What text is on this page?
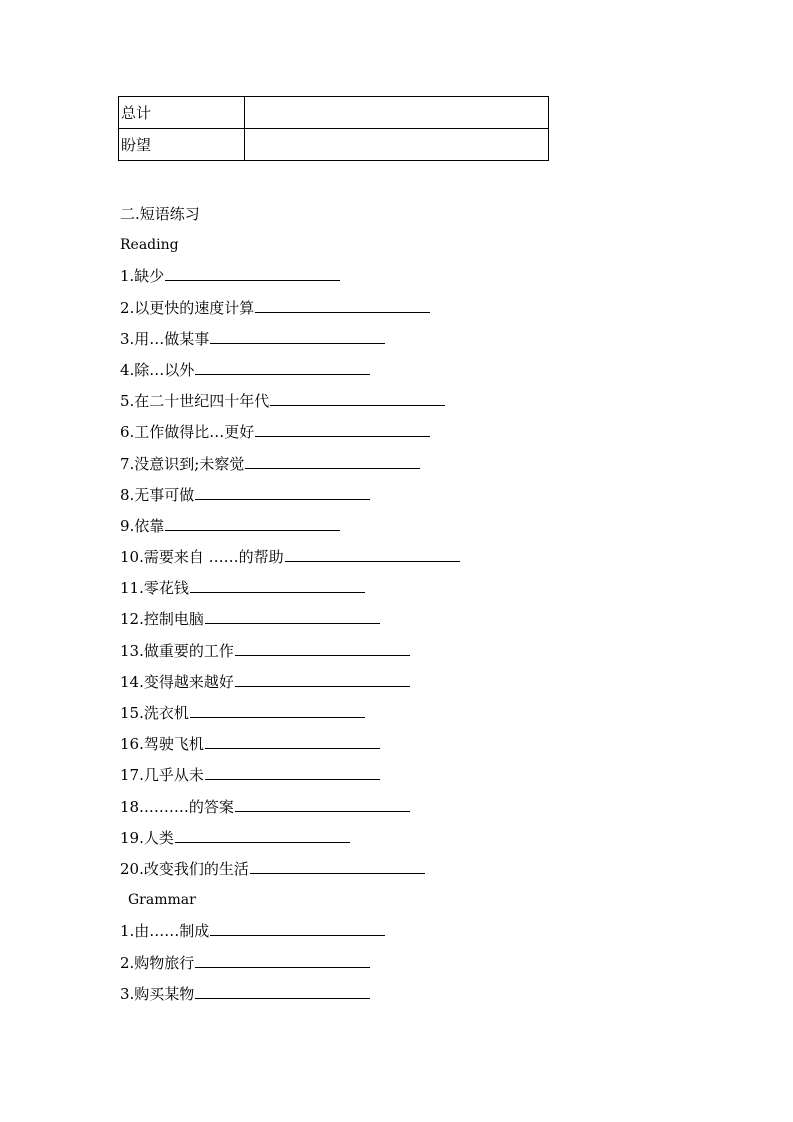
总计	
盼望	
二.短语练习
Reading
1.缺少
2.以更快的速度计算
3.用…做某事
4.除…以外
5.在二十世纪四十年代
6.工作做得比…更好
7.没意识到;未察觉
8.无事可做
9.依靠
10.需要来自 ……的帮助
11.零花钱
12.控制电脑
13.做重要的工作
14.变得越来越好
15.洗衣机
16.驾驶飞机
17.几乎从未
18.………的答案
19.人类
20.改变我们的生活
Grammar
1.由……制成
2.购物旅行
3.购买某物
